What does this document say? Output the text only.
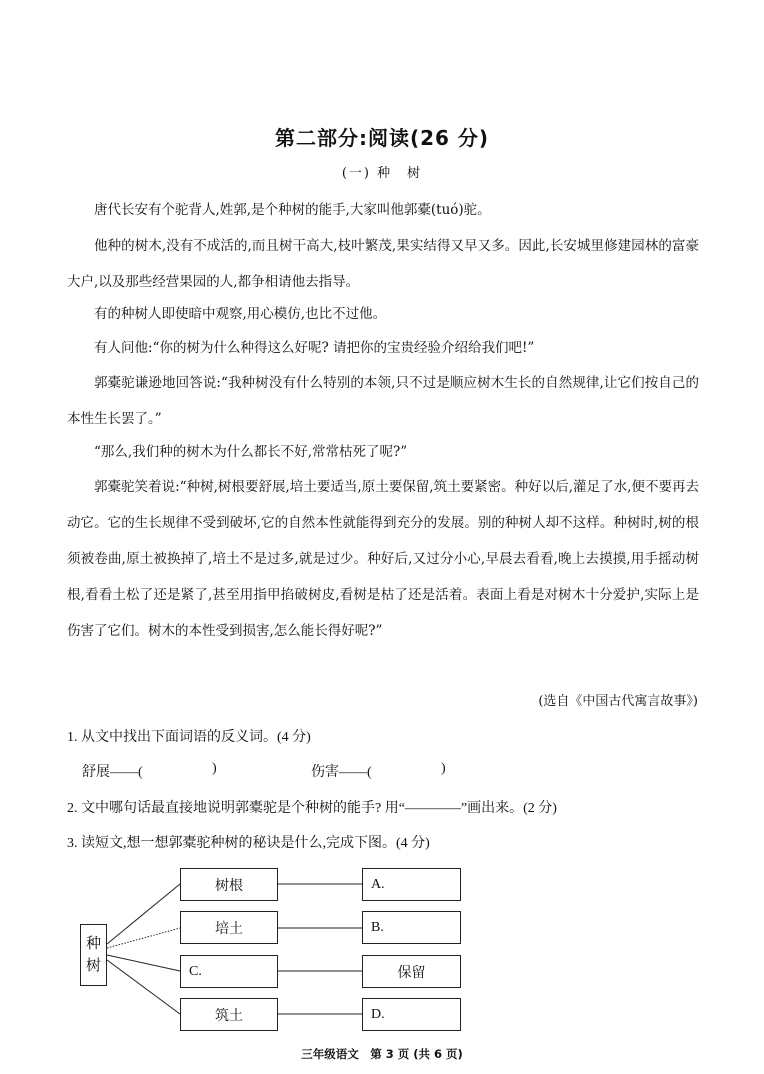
第二部分:阅读(26 分)
(一) 种　树

唐代长安有个驼背人,姓郭,是个种树的能手,大家叫他郭橐(tuó)驼。

他种的树木,没有不成活的,而且树干高大,枝叶繁茂,果实结得又早又多。因此,长安城里修建园林的富豪大户,以及那些经营果园的人,都争相请他去指导。

有的种树人即使暗中观察,用心模仿,也比不过他。

有人问他:“你的树为什么种得这么好呢? 请把你的宝贵经验介绍给我们吧!”

郭橐驼谦逊地回答说:“我种树没有什么特别的本领,只不过是顺应树木生长的自然规律,让它们按自己的本性生长罢了。”

“那么,我们种的树木为什么都长不好,常常枯死了呢?”

郭橐驼笑着说:“种树,树根要舒展,培土要适当,原土要保留,筑土要紧密。种好以后,灌足了水,便不要再去动它。它的生长规律不受到破坏,它的自然本性就能得到充分的发展。别的种树人却不这样。种树时,树的根须被卷曲,原土被换掉了,培土不是过多,就是过少。种好后,又过分小心,早晨去看看,晚上去摸摸,用手摇动树根,看看土松了还是紧了,甚至用指甲掐破树皮,看树是枯了还是活着。表面上看是对树木十分爱护,实际上是伤害了它们。树木的本性受到损害,怎么能长得好呢?”

(选自《中国古代寓言故事》)
1. 从文中找出下面词语的反义词。(4 分)
舒展——(	)	伤害——(	)
2. 文中哪句话最直接地说明郭橐驼是个种树的能手? 用“————”画出来。(2 分)
3. 读短文,想一想郭橐驼种树的秘诀是什么,完成下图。(4 分)
种
树
树根	A.
培土	B.
C.	保留
筑土	D.
三年级语文　第 3 页 (共 6 页)
